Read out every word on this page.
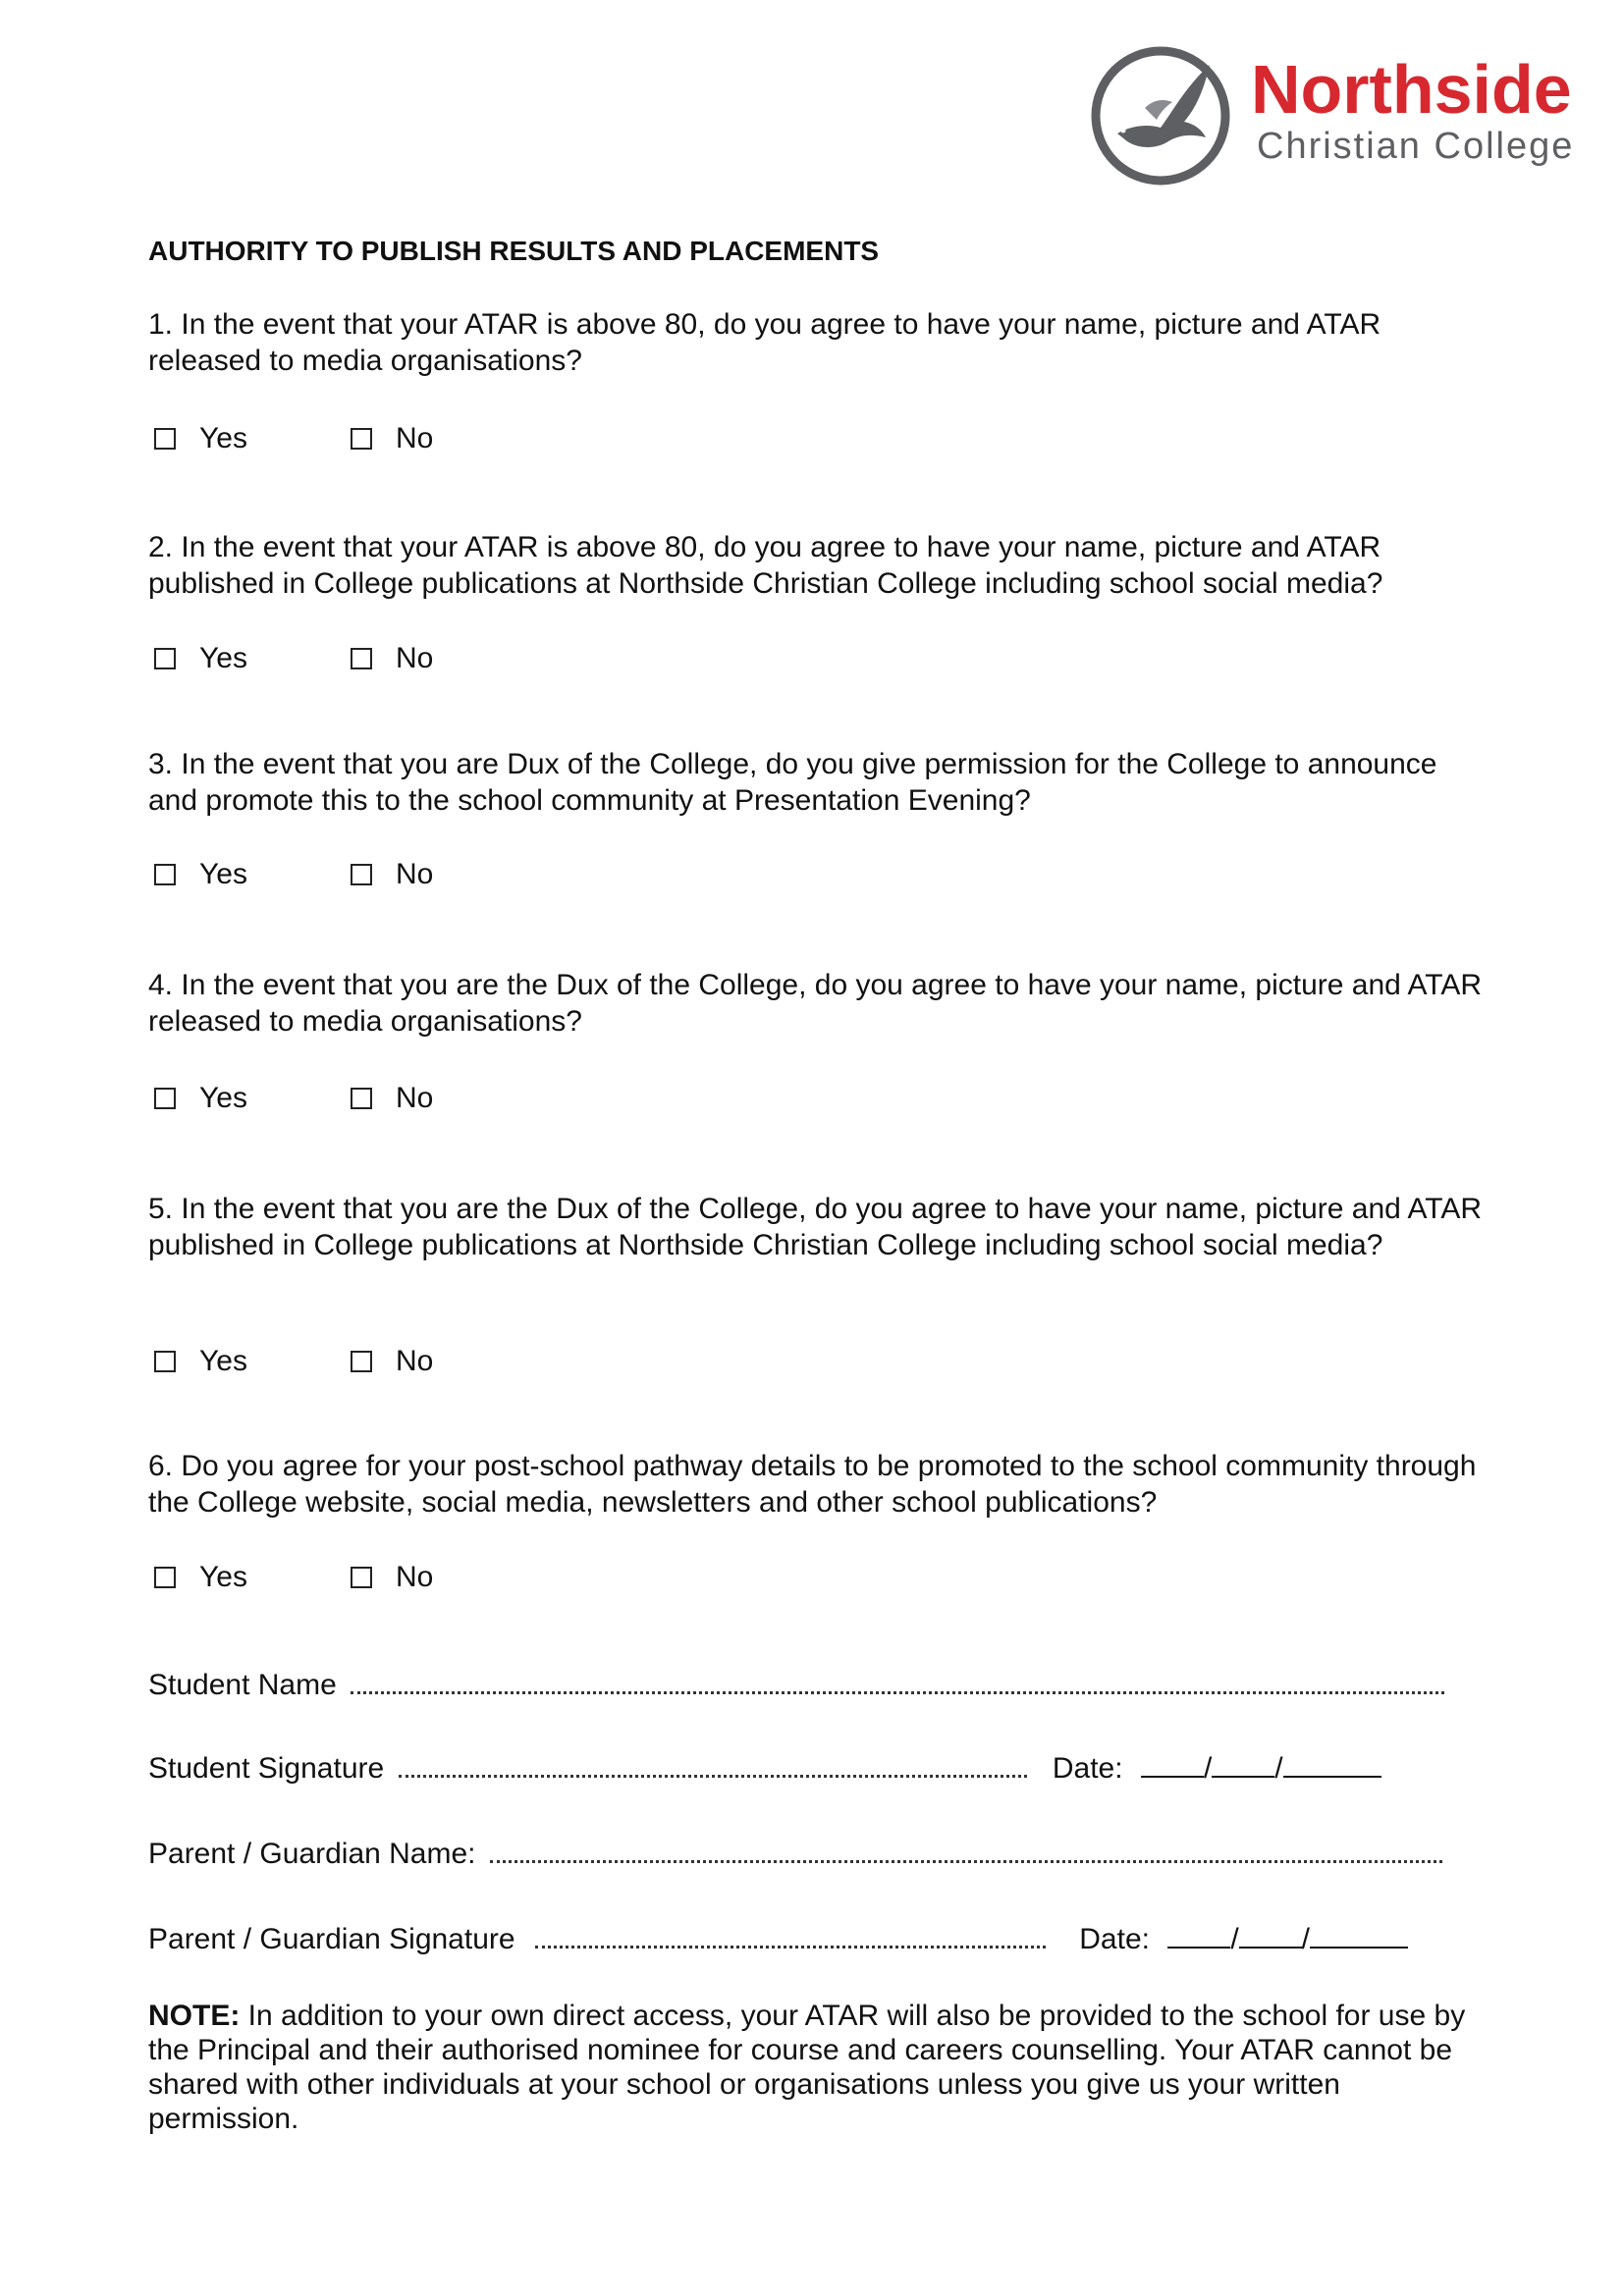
Northside
Christian College
AUTHORITY TO PUBLISH RESULTS AND PLACEMENTS
1. In the event that your ATAR is above 80, do you agree to have your name, picture and ATAR released to media organisations?
Yes	No
2. In the event that your ATAR is above 80, do you agree to have your name, picture and ATAR published in College publications at Northside Christian College including school social media?
Yes	No
3. In the event that you are Dux of the College, do you give permission for the College to announce and promote this to the school community at Presentation Evening?
Yes	No
4. In the event that you are the Dux of the College, do you agree to have your name, picture and ATAR released to media organisations?
Yes	No
5. In the event that you are the Dux of the College, do you agree to have your name, picture and ATAR published in College publications at Northside Christian College including school social media?
Yes	No
6. Do you agree for your post-school pathway details to be promoted to the school community through the College website, social media, newsletters and other school publications?
Yes	No
Student Name
Student Signature	Date:	/ /
Parent / Guardian Name:
Parent / Guardian Signature	Date:	/ /
NOTE: In addition to your own direct access, your ATAR will also be provided to the school for use by the Principal and their authorised nominee for course and careers counselling. Your ATAR cannot be shared with other individuals at your school or organisations unless you give us your written permission.
